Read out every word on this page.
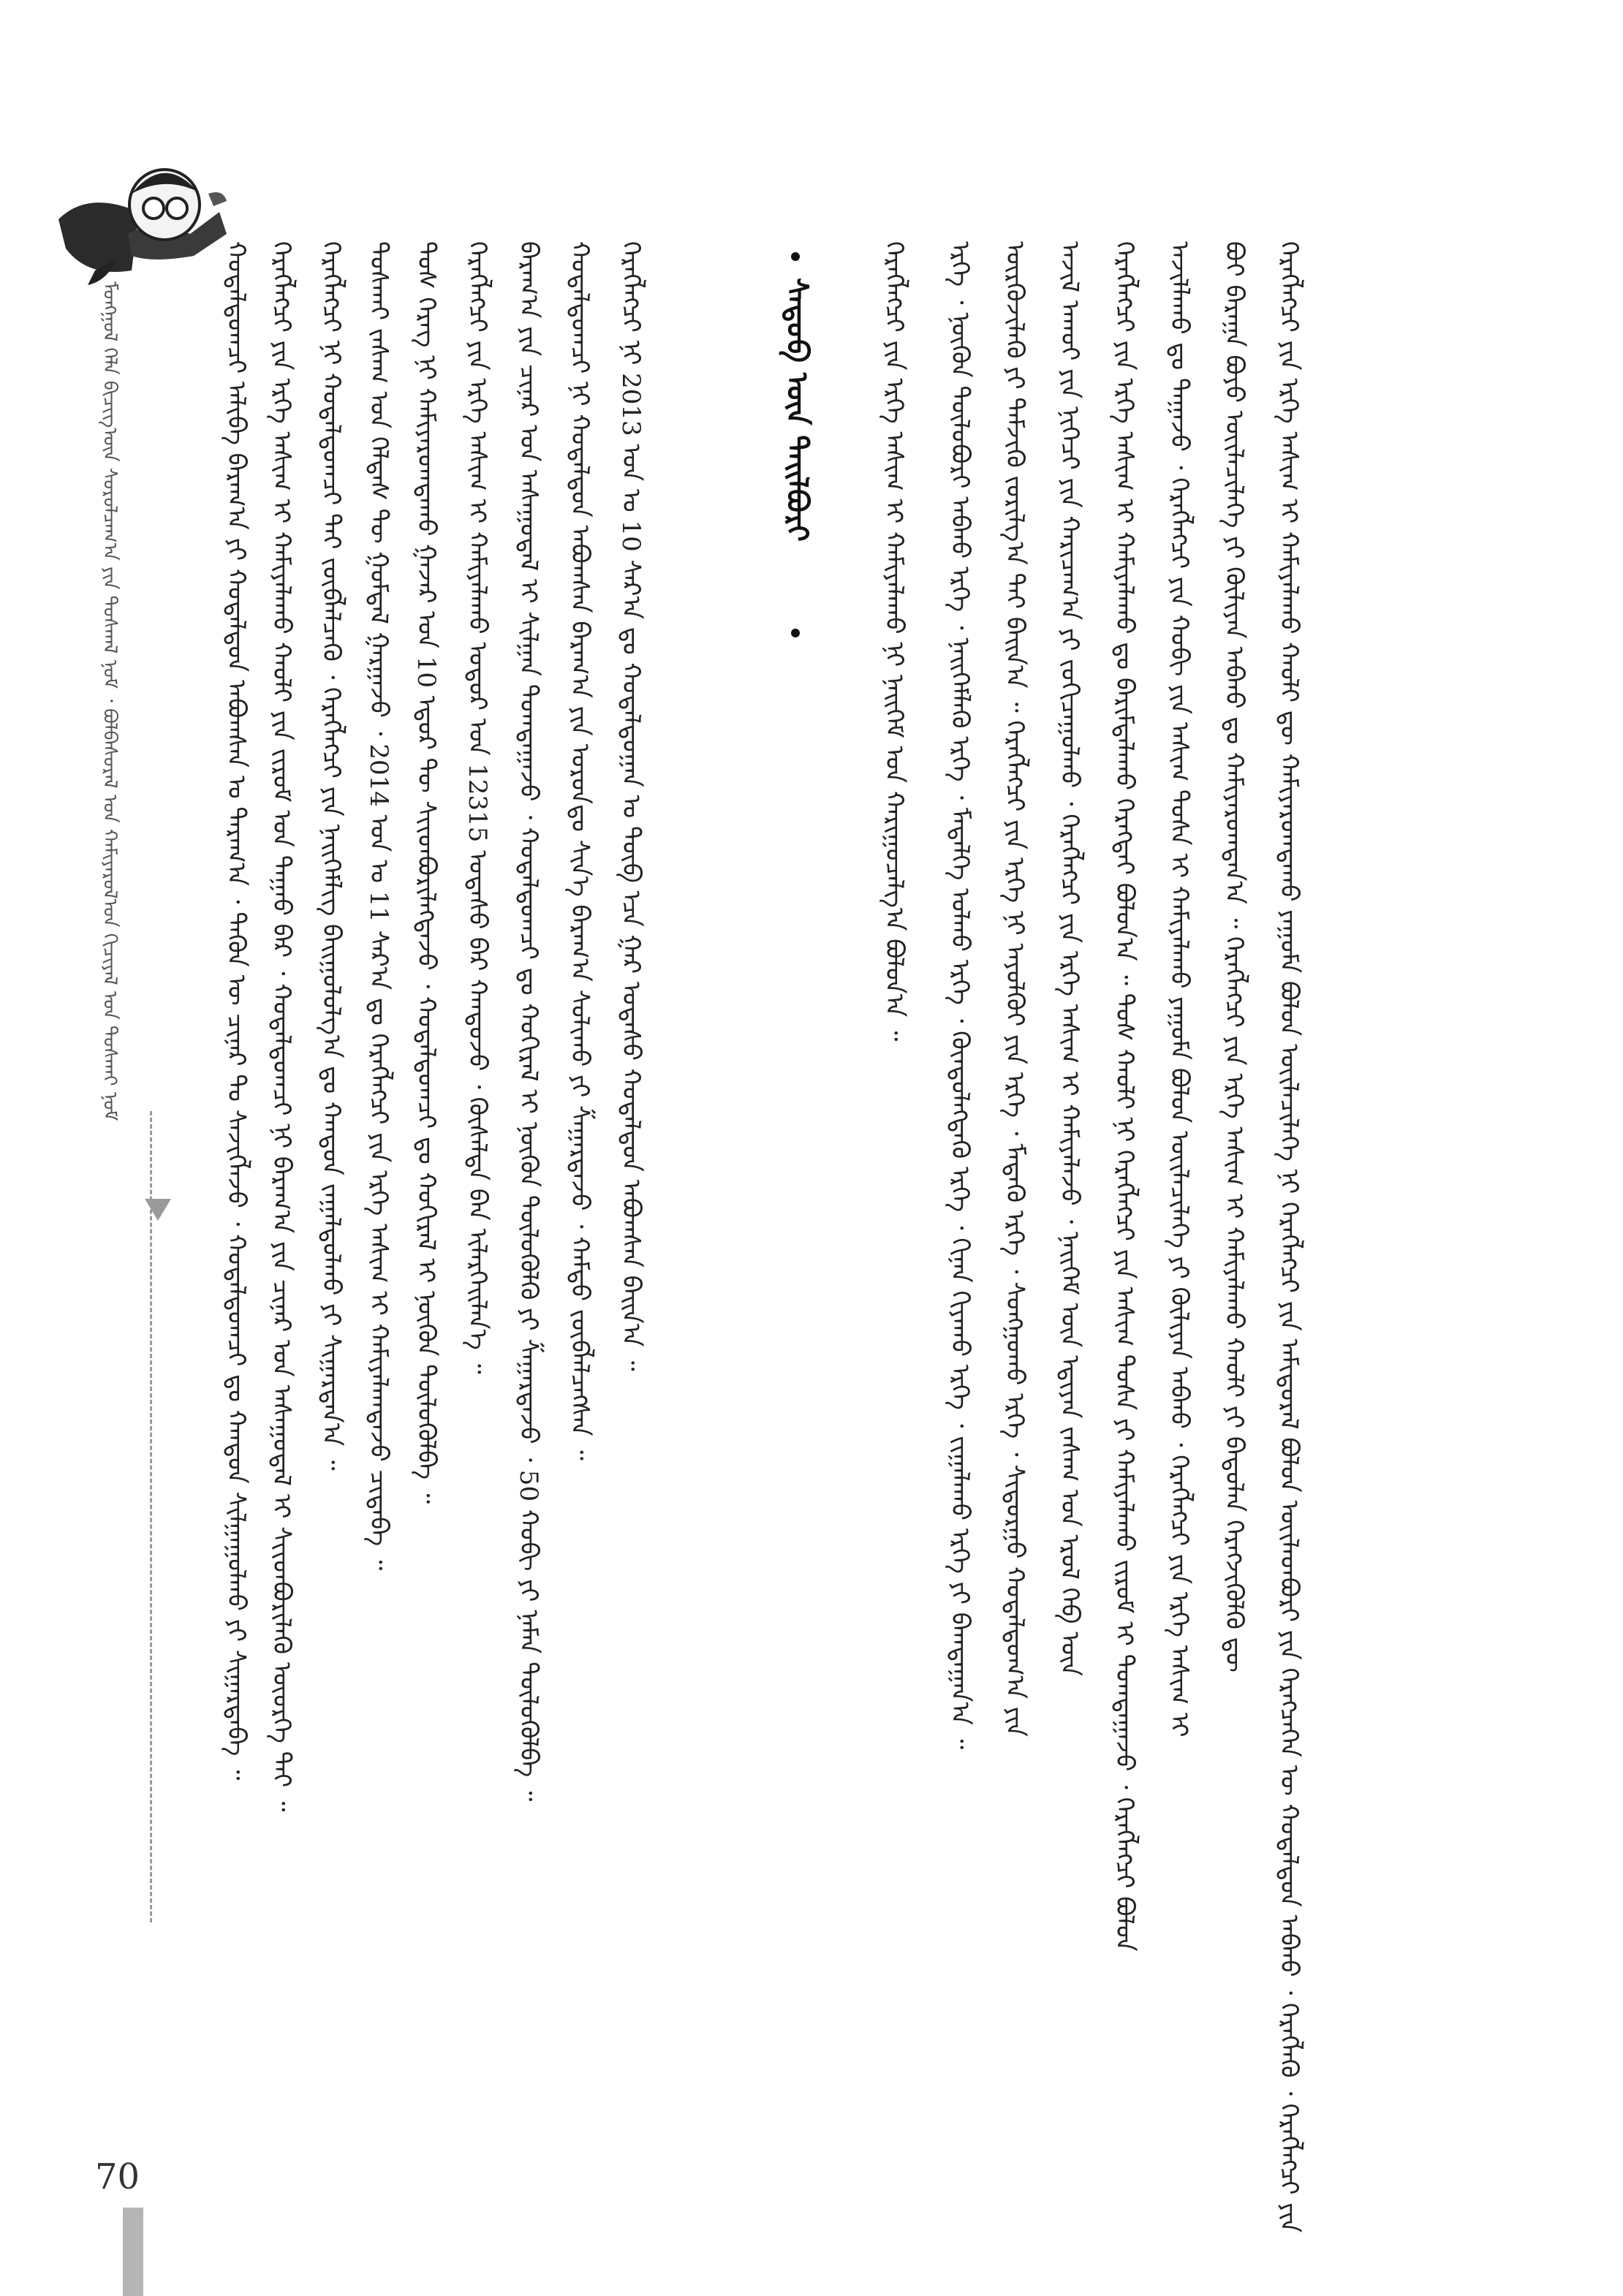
ᠮᠣᠩᠭᠣᠯ ᠬᠡᠯᠡ ᠪᠢᠴᠢᠭ᠎ᠦᠨ ᠰᠤᠷᠤᠯᠴᠠᠭ᠎ᠠ ᠶᠢᠨ ᠲᠤᠰᠬᠠᠯ ᠨᠣᠮ ᠂ ᠪᠣᠯᠪᠠᠰᠤᠷᠠᠯ ᠤᠨ ᠬᠠᠮᠢᠶᠠᠷᠤᠯ᠎ᠤᠨ ᠬᠢᠴᠢᠶᠡᠯ ᠤᠨ ᠲᠤᠰᠬᠠᠢ ᠨᠣᠮ	ᠬᠤᠳᠠᠯᠳᠤᠭᠴᠢ ᠠᠯᠢᠪᠠ ᠪᠠᠷᠠᠭ᠎ᠠ ᠶᠢ ᠬᠤᠳᠠᠯᠳᠤᠨ ᠠᠪᠤᠭᠰᠠᠨ ᠤ ᠳᠠᠷᠠᠭ᠎ᠠ ᠂ ᠲᠡᠭᠦᠨ ᠦ ᠴᠢᠨᠠᠷ ᠲᠤ ᠰᠡᠵᠢᠭᠯᠡᠵᠦ ᠂ ᠬᠤᠳᠠᠯᠳᠤᠭᠴᠢ ᠳᠤ ᠬᠠᠨᠳᠤᠨ ᠰᠢᠯᠭᠠᠭᠤᠯᠬᠤ ᠶᠢ ᠰᠢᠭᠠᠷᠳᠠᠪᠠ ᠃ ᠬᠡᠷᠡᠭᠯᠡᠭᠴᠢ ᠶᠢᠨ ᠡᠷᠬᠡ ᠠᠰᠢᠭ ᠢ ᠬᠠᠮᠢᠶᠠᠯᠠᠬᠤ ᠬᠠᠤᠯᠢ ᠶᠢᠨ ᠵᠢᠷᠤᠮ ᠤᠨ ᠳᠠᠭᠠᠤ ᠪᠠᠷ ᠂ ᠬᠤᠳᠠᠯᠳᠤᠭᠴᠢ ᠨᠢ ᠪᠠᠷᠠᠭ᠎ᠠ ᠶᠢᠨ ᠴᠢᠨᠠᠷ ᠤᠨ ᠠᠰᠠᠭᠤᠳᠠᠯ ᠢ ᠰᠢᠢᠳᠪᠦᠷᠢᠯᠡᠬᠦ ᠦᠦᠷᠭᠡ ᠲᠠᠢ ᠃ ᠬᠡᠷᠡᠭᠯᠡᠭᠴᠢ ᠨᠢ ᠬᠤᠳᠠᠯᠳᠤᠭᠴᠢ ᠲᠠᠢ ᠵᠥᠪᠯᠡᠯᠴᠡᠬᠦ ᠂ ᠬᠡᠷᠡᠭᠯᠡᠭᠴᠢ ᠶᠢᠨ ᠨᠡᠢᠭᠡᠮᠯᠢᠭ ᠪᠠᠢᠭᠤᠯᠤᠯᠭ᠎ᠠ ᠳᠤ ᠬᠠᠨᠳᠤᠨ ᠵᠠᠭᠠᠯᠳᠤᠯᠬᠤ ᠶᠢ ᠰᠢᠭᠠᠷᠳᠠᠨ᠎ᠠ ᠃ ᠲᠤᠰᠬᠠᠢ ᠵᠠᠰᠠᠭ ᠤᠨ ᠬᠡᠯᠲᠡᠰ ᠲᠦ ᠭᠣᠮᠳᠠᠯ ᠭᠠᠷᠭᠠᠵᠤ ᠂ 2014 ᠣᠨ ᠤ 11 ᠰᠠᠷ᠎ᠠ ᠳᠤ ᠬᠡᠷᠡᠭᠯᠡᠭᠴᠢ ᠶᠢᠨ ᠡᠷᠬᠡ ᠠᠰᠢᠭ ᠢ ᠬᠠᠮᠢᠶᠠᠯᠠᠭᠳᠠᠵᠤ ᠴᠢᠳᠠᠪᠠ ᠃ ᠲᠤᠰ ᠬᠡᠷᠡᠭ ᠨᠢ ᠬᠠᠮᠢᠶᠠᠷᠤᠭᠳᠠᠬᠤ ᠭᠠᠵᠠᠷ ᠤᠨ 10 ᠡᠳᠦᠷ ᠲᠦ ᠰᠢᠢᠳᠪᠦᠷᠢᠯᠡᠭᠳᠡᠵᠦ ᠂ ᠬᠤᠳᠠᠯᠳᠤᠭᠴᠢ ᠳᠤ ᠬᠣᠬᠢᠷᠠᠯ ᠢ ᠨᠥᠬᠥᠨ ᠲᠥᠯᠥᠭᠦᠯᠪᠡ ᠃ ᠬᠡᠷᠡᠭᠯᠡᠭᠴᠢ ᠶᠢᠨ ᠡᠷᠬᠡ ᠠᠰᠢᠭ ᠢ ᠬᠠᠮᠢᠶᠠᠯᠠᠬᠤ ᠣᠳᠤᠷ ᠤᠨ 12315 ᠤᠲᠠᠰᠤ ᠪᠠᠷ ᠬᠠᠨᠳᠤᠵᠤ ᠂ ᠬᠦᠰᠡᠯᠲᠡ ᠪᠡᠨ ᠢᠯᠡᠷᠬᠡᠢᠯᠡᠨ᠎ᠡ ᠃ ᠪᠠᠷᠠᠭ᠎ᠠ ᠶᠢᠨ ᠴᠢᠨᠠᠷ ᠤᠨ ᠠᠰᠠᠭᠤᠳᠠᠯ ᠢ ᠰᠢᠯᠭᠠᠨ ᠲᠣᠭᠲᠠᠭᠠᠵᠤ ᠂ ᠬᠤᠳᠠᠯᠳᠤᠭᠴᠢ ᠳᠤ ᠬᠣᠬᠢᠷᠠᠯ ᠢ ᠨᠥᠬᠥᠨ ᠲᠥᠯᠥᠭᠦᠯᠬᠦ ᠶᠢ ᠱᠠᠭᠠᠷᠳᠠᠵᠤ ᠂ 50 ᠬᠤᠪᠢ ᠶᠢ ᠨᠡᠮᠡᠨ ᠲᠥᠯᠥᠭᠦᠯᠪᠡ ᠃ ᠬᠤᠳᠠᠯᠳᠤᠭᠴᠢ ᠨᠢ ᠬᠤᠳᠠᠯᠳᠤᠨ ᠠᠪᠤᠭᠰᠠᠨ ᠪᠠᠷᠠᠭ᠎ᠠ ᠶᠢᠨ ᠣᠷᠣᠨ᠎ᠳᠤ ᠰᠢᠨ᠎ᠡ ᠪᠠᠷᠠᠭ᠎ᠠ ᠰᠤᠯᠢᠬᠤ ᠶᠢ ᠱᠠᠭᠠᠷᠳᠠᠵᠤ ᠂ ᠬᠠᠮᠲᠤ ᠵᠥᠪᠯᠡᠯᠴᠡᠭᠰᠡᠨ ᠃ ᠬᠡᠷᠡᠭᠯᠡᠭᠴᠢ ᠨᠢ 2013 ᠣᠨ ᠤ 10 ᠰᠠᠷ᠎ᠠ ᠳᠤ ᠬᠤᠳᠠᠯᠳᠤᠭᠠᠨ ᠤ ᠲᠥᠪ ᠡᠴᠡ ᠭᠠᠷ ᠤᠲᠠᠰᠤ ᠬᠤᠳᠠᠯᠳᠤᠨ ᠠᠪᠤᠭᠰᠠᠨ ᠪᠠᠢᠨ᠎ᠠ ᠃	ᠰᠡᠳᠦᠪ ᠦᠨ ᠲᠠᠢᠯᠪᠤᠷᠢ	ᠬᠡᠷᠡᠭᠯᠡᠭᠴᠢ ᠶᠢᠨ ᠡᠷᠬᠡ ᠠᠰᠢᠭ ᠢ ᠬᠠᠮᠢᠶᠠᠯᠠᠬᠤ ᠨᠢ ᠨᠡᠢᠭᠡᠮ ᠤᠨ ᠬᠠᠷᠢᠭᠤᠴᠠᠯᠭ᠎ᠠ ᠪᠣᠯᠤᠨ᠎ᠠ ᠃ ᠡᠷᠬᠡ ᠂ ᠨᠦᠬᠦᠨ ᠲᠦᠯᠦᠪᠦᠷᠢ ᠠᠪᠬᠤ ᠡᠷᠬᠡ ᠂ ᠨᠡᠢᠭᠡᠮᠯᠡᠬᠦ ᠡᠷᠬᠡ ᠂ ᠮᠡᠳᠡᠯᠭᠡ ᠣᠯᠬᠤ ᠡᠷᠬᠡ ᠂ ᠬᠦᠨᠳᠦᠯᠡᠭᠳᠡᠬᠦ ᠡᠷᠬᠡ ᠂ ᠬᠢᠨᠠᠨ ᠬᠢᠶᠠᠬᠤ ᠡᠷᠬᠡ ᠂ ᠵᠢᠭᠠᠯᠠᠬᠤ ᠡᠷᠬᠡ ᠶᠢ ᠪᠠᠭᠲᠠᠭᠠᠨ᠎ᠠ ᠃ ᠦᠷᠭᠦᠵᠢᠯᠡᠬᠦ ᠶᠢ ᠳᠡᠮᠵᠢᠬᠦ ᠵᠣᠷᠢᠯᠭ᠎ᠠ ᠲᠠᠢ ᠪᠠᠢᠨ᠎ᠠ ᠃ ᠬᠡᠷᠡᠭᠯᠡᠭᠴᠢ ᠶᠢᠨ ᠡᠷᠬᠡ ᠨᠢ ᠠᠶᠤᠯᠭᠦᠢ ᠶᠢᠨ ᠡᠷᠬᠡ ᠂ ᠮᠡᠳᠡᠬᠦ ᠡᠷᠬᠡ ᠂ ᠰᠣᠩᠭᠣᠬᠤ ᠡᠷᠬᠡ ᠂ ᠰᠢᠳᠤᠷᠭᠤ ᠬᠤᠳᠠᠯᠳᠤᠭ᠎ᠠ ᠶᠢᠨ ᠠᠵᠢᠯ ᠠᠬᠤᠢ ᠶᠢᠨ ᠨᠢᠭᠡᠴᠢ ᠶᠢᠨ ᠬᠠᠷᠢᠴᠠᠭ᠎ᠠ ᠶᠢ ᠵᠣᠬᠢᠴᠠᠭᠤᠯᠬᠤ ᠂ ᠬᠡᠷᠡᠭᠯᠡᠭᠴᠢ ᠶᠢᠨ ᠡᠷᠬᠡ ᠠᠰᠢᠭ ᠢ ᠬᠠᠮᠢᠶᠠᠯᠠᠵᠤ ᠂ ᠨᠡᠢᠭᠡᠮ ᠦᠨ ᠡᠳ᠋ᠢᠶᠡᠨ ᠵᠠᠰᠠᠭ ᠤᠨ ᠡᠷᠦᠯ ᠬᠡᠪ ᠦᠨ ᠬᠡᠷᠡᠭᠯᠡᠭᠴᠢ ᠶᠢᠨ ᠡᠷᠬᠡ ᠠᠰᠢᠭ ᠢ ᠬᠠᠮᠢᠶᠠᠯᠠᠬᠤ ᠳᠤ ᠪᠠᠷᠢᠮᠲᠠᠯᠠᠬᠤ ᠬᠡᠷᠡᠭᠲᠡᠢ ᠪᠤᠯᠤᠨ᠎ᠠ ᠃ ᠲᠤᠰ ᠬᠠᠤᠯᠢ ᠨᠢ ᠬᠡᠷᠡᠭᠯᠡᠭᠴᠢ ᠶᠢᠨ ᠠᠰᠢᠭ ᠲᠤᠰᠠ ᠶᠢ ᠬᠠᠮᠢᠶᠠᠯᠠᠬᠤ ᠵᠢᠷᠤᠮ ᠢ ᠲᠣᠭᠲᠠᠭᠠᠵᠤ ᠂ ᠬᠡᠷᠡᠭᠯᠡᠭᠴᠢ ᠪᠤᠯᠤᠨ ᠠᠵᠢᠯᠯᠠᠬᠤ ᠳᠤ ᠳᠠᠭᠠᠵᠤ ᠂ ᠬᠡᠷᠡᠭᠯᠡᠭᠴᠢ ᠶᠢᠨ ᠬᠤᠪᠢ ᠶᠢᠨ ᠠᠰᠢᠭ ᠲᠤᠰᠠ ᠢ ᠬᠠᠮᠢᠶᠠᠯᠠᠬᠤ ᠶᠠᠭᠤᠮᠠ ᠪᠤᠯᠤᠨ ᠦᠢᠯᠡᠴᠢᠯᠡᠭᠡ ᠶᠢ ᠬᠦᠯᠢᠶᠡᠨ ᠠᠪᠬᠤ ᠂ ᠬᠡᠷᠡᠭᠯᠡᠭᠴᠢ ᠶᠢᠨ ᠡᠷᠬᠡ ᠠᠰᠢᠭ ᠢ ᠪᠤᠢ ᠪᠠᠷᠠᠭᠠ ᠪᠤᠶᠤ ᠦᠢᠯᠡᠴᠢᠯᠡᠭᠡ ᠶᠢ ᠬᠦᠯᠢᠶᠡᠨ ᠠᠪᠬᠤ ᠳᠤ ᠬᠠᠮᠢᠶᠠᠷᠤᠭᠳᠠᠨ᠎ᠠ ᠃ ᠬᠡᠷᠡᠭᠯᠡᠭᠴᠢ ᠶᠢᠨ ᠡᠷᠬᠡ ᠠᠰᠢᠭ ᠢ ᠬᠠᠮᠢᠶᠠᠯᠠᠬᠤ ᠬᠠᠤᠯᠢ ᠶᠢ ᠪᠠᠲᠤᠯᠠᠨ ᠬᠡᠷᠡᠭᠵᠢᠭᠦᠯᠬᠦ ᠳᠦ ᠬᠡᠷᠡᠭᠯᠡᠭᠴᠢ ᠶᠢᠨ ᠡᠷᠬᠡ ᠠᠰᠢᠭ ᠢ ᠬᠠᠮᠢᠶᠠᠯᠠᠬᠤ ᠬᠠᠤᠯᠢ ᠳᠦ ᠬᠠᠮᠢᠶᠠᠷᠤᠭᠳᠠᠬᠤ ᠶᠠᠭᠤᠮᠠ ᠪᠤᠯᠤᠨ ᠦᠢᠯᠡᠴᠢᠯᠡᠭᠡ ᠨᠢ ᠬᠡᠷᠡᠭᠯᠡᠭᠴᠢ ᠶᠢᠨ ᠠᠮᠢᠳᠤᠷᠠᠯ ᠪᠤᠯᠤᠨ ᠦᠢᠯᠡᠳᠪᠦᠷᠢ ᠶᠢᠨ ᠬᠡᠷᠡᠭᠴᠡᠭᠡᠨ ᠦ ᠬᠤᠳᠠᠯᠳᠤᠨ ᠠᠪᠬᠤ ᠂ ᠬᠡᠷᠡᠭᠯᠡᠬᠦ ᠂ ᠬᠡᠷᠡᠭᠯᠡᠭᠴᠢ ᠶᠢᠨ
70
